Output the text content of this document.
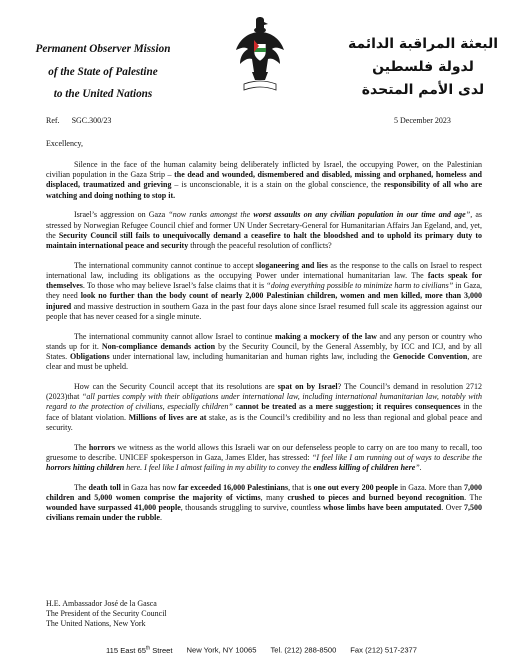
Permanent Observer Mission
of the State of Palestine
to the United Nations
البعثة المراقبة الدائمة
لدولة فلسطين
لدى الأمم المتحدة
Ref. SGC.300/23	5 December 2023
Excellency,

Silence in the face of the human calamity being deliberately inflicted by Israel, the occupying Power, on the Palestinian civilian population in the Gaza Strip – the dead and wounded, dismembered and disabled, missing and orphaned, homeless and displaced, traumatized and grieving – is unconscionable, it is a stain on the global conscience, the responsibility of all who are watching and doing nothing to stop it.

Israel’s aggression on Gaza “now ranks amongst the worst assaults on any civilian population in our time and age”, as stressed by Norwegian Refugee Council chief and former UN Under Secretary-General for Humanitarian Affairs Jan Egeland, and, yet, the Security Council still fails to unequivocally demand a ceasefire to halt the bloodshed and to uphold its primary duty to maintain international peace and security through the peaceful resolution of conflicts?

The international community cannot continue to accept sloganeering and lies as the response to the calls on Israel to respect international law, including its obligations as the occupying Power under international humanitarian law. The facts speak for themselves. To those who may believe Israel’s false claims that it is “doing everything possible to minimize harm to civilians” in Gaza, they need look no further than the body count of nearly 2,000 Palestinian children, women and men killed, more than 3,000 injured and massive destruction in southern Gaza in the past four days alone since Israel resumed full scale its aggression against our people that has never ceased for a single minute.

The international community cannot allow Israel to continue making a mockery of the law and any person or country who stands up for it. Non-compliance demands action by the Security Council, by the General Assembly, by ICC and ICJ, and by all States. Obligations under international law, including humanitarian and human rights law, including the Genocide Convention, are clear and must be upheld.

How can the Security Council accept that its resolutions are spat on by Israel? The Council’s demand in resolution 2712 (2023)that “all parties comply with their obligations under international law, including international humanitarian law, notably with regard to the protection of civilians, especially children” cannot be treated as a mere suggestion; it requires consequences in the face of blatant violation. Millions of lives are at stake, as is the Council’s credibility and no less than regional and global peace and security.

The horrors we witness as the world allows this Israeli war on our defenseless people to carry on are too many to recall, too gruesome to describe. UNICEF spokesperson in Gaza, James Elder, has stressed: “I feel like I am running out of ways to describe the horrors hitting children here. I feel like I almost failing in my ability to convey the endless killing of children here”.

The death toll in Gaza has now far exceeded 16,000 Palestinians, that is one out every 200 people in Gaza. More than 7,000 children and 5,000 women comprise the majority of victims, many crushed to pieces and burned beyond recognition. The wounded have surpassed 41,000 people, thousands struggling to survive, countless whose limbs have been amputated. Over 7,500 civilians remain under the rubble.

H.E. Ambassador José de la Gasca
The President of the Security Council
The United Nations, New York
115 East 65th Street New York, NY 10065 Tel. (212) 288-8500 Fax (212) 517-2377
